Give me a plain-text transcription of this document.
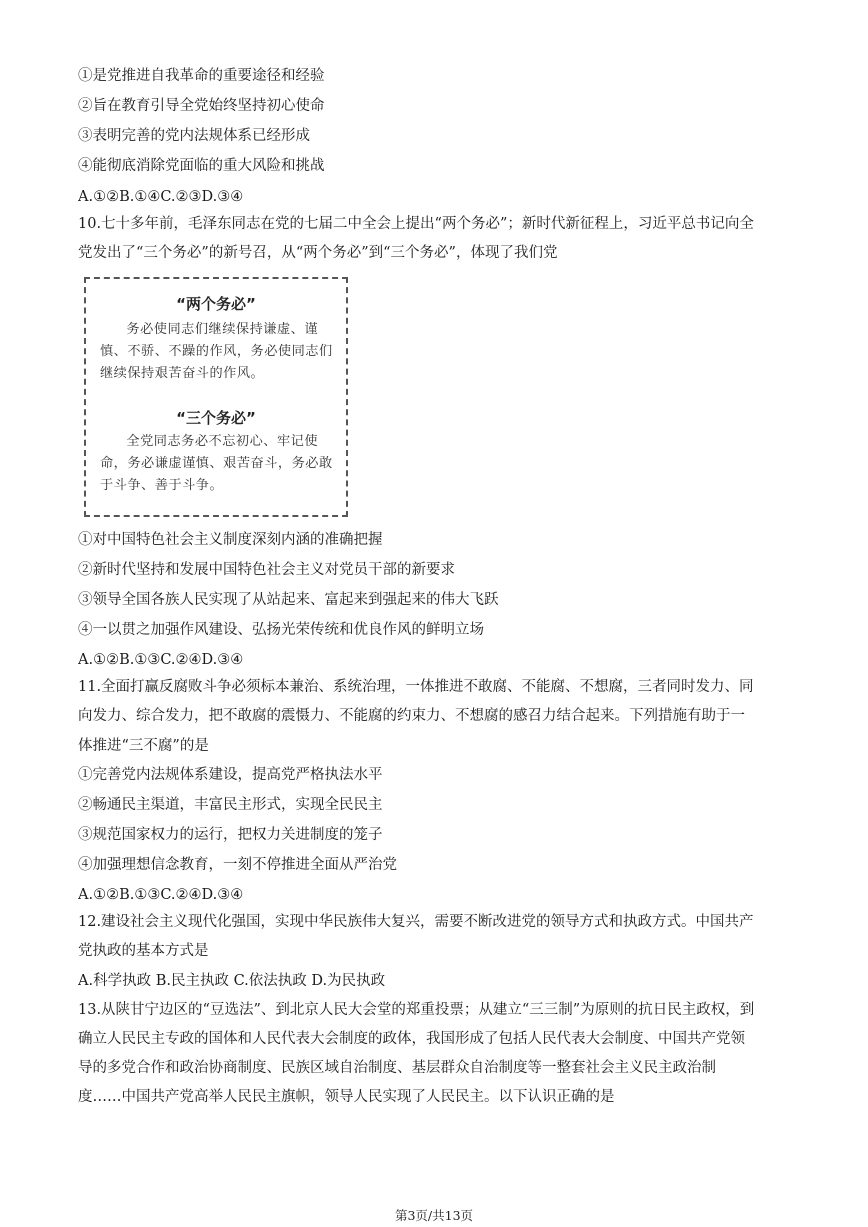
①是党推进自我革命的重要途径和经验
②旨在教育引导全党始终坚持初心使命
③表明完善的党内法规体系已经形成
④能彻底消除党面临的重大风险和挑战
A.①②B.①④C.②③D.③④
10.七十多年前，毛泽东同志在党的七届二中全会上提出“两个务必”；新时代新征程上，习近平总书记向全
党发出了“三个务必”的新号召，从“两个务必”到“三个务必”，体现了我们党
“两个务必”
务必使同志们继续保持谦虚、谨慎、不骄、不躁的作风，务必使同志们继续保持艰苦奋斗的作风。
“三个务必”
全党同志务必不忘初心、牢记使命，务必谦虚谨慎、艰苦奋斗，务必敢于斗争、善于斗争。
①对中国特色社会主义制度深刻内涵的准确把握
②新时代坚持和发展中国特色社会主义对党员干部的新要求
③领导全国各族人民实现了从站起来、富起来到强起来的伟大飞跃
④一以贯之加强作风建设、弘扬光荣传统和优良作风的鲜明立场
A.①②B.①③C.②④D.③④
11.全面打赢反腐败斗争必须标本兼治、系统治理，一体推进不敢腐、不能腐、不想腐，三者同时发力、同
向发力、综合发力，把不敢腐的震慑力、不能腐的约束力、不想腐的感召力结合起来。下列措施有助于一
体推进“三不腐”的是
①完善党内法规体系建设，提高党严格执法水平
②畅通民主渠道，丰富民主形式，实现全民民主
③规范国家权力的运行，把权力关进制度的笼子
④加强理想信念教育，一刻不停推进全面从严治党
A.①②B.①③C.②④D.③④
12.建设社会主义现代化强国，实现中华民族伟大复兴，需要不断改进党的领导方式和执政方式。中国共产
党执政的基本方式是
A.科学执政 B.民主执政 C.依法执政 D.为民执政
13.从陕甘宁边区的“豆选法”、到北京人民大会堂的郑重投票；从建立“三三制”为原则的抗日民主政权，到
确立人民民主专政的国体和人民代表大会制度的政体，我国形成了包括人民代表大会制度、中国共产党领
导的多党合作和政治协商制度、民族区域自治制度、基层群众自治制度等一整套社会主义民主政治制
度……中国共产党高举人民民主旗帜，领导人民实现了人民民主。以下认识正确的是
第3页/共13页
